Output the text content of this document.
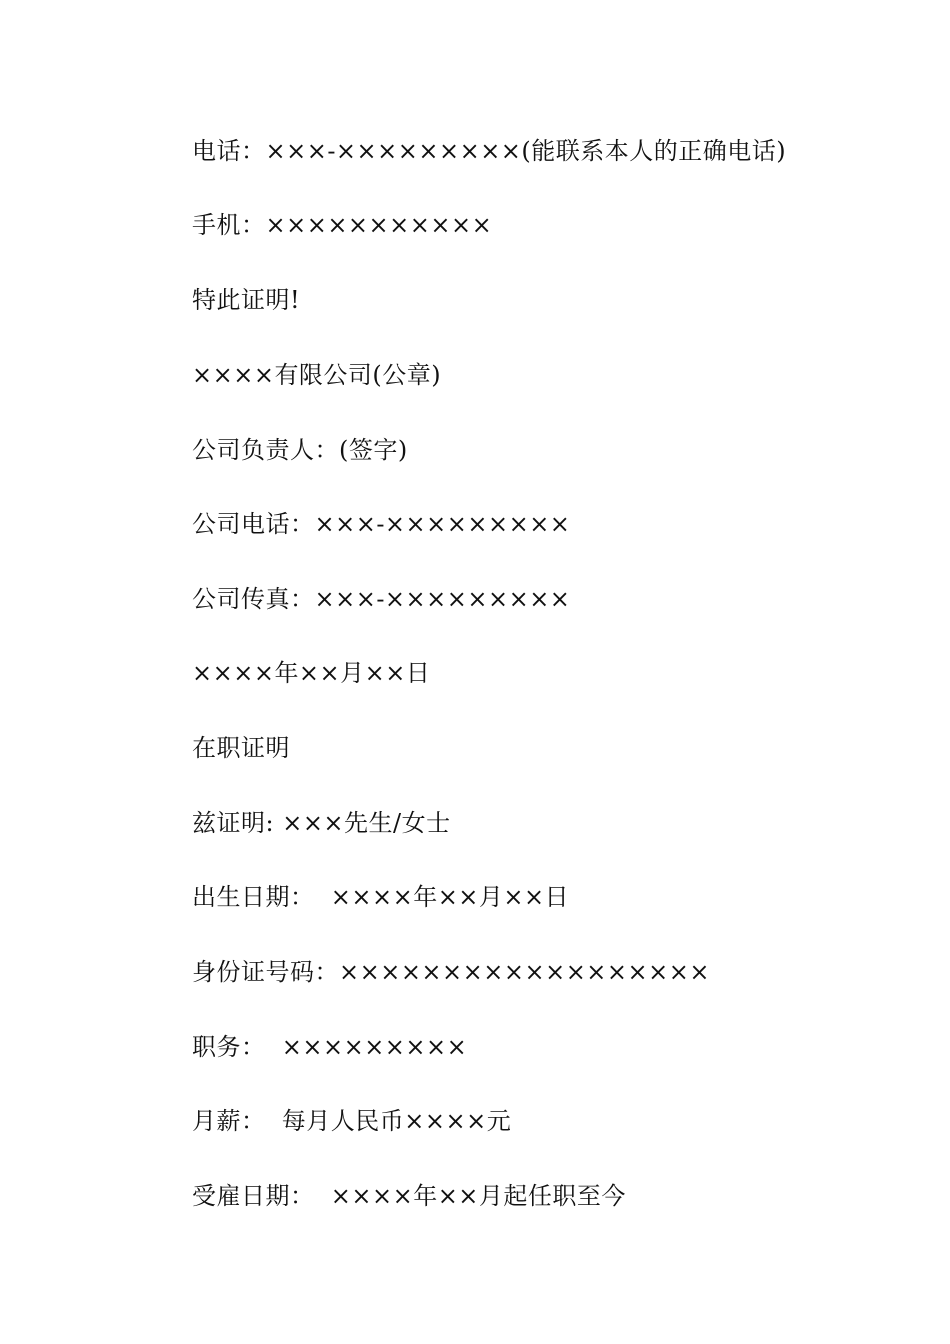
电话：×××-×××××××××(能联系本人的正确电话)
手机：×××××××××××
特此证明!
××××有限公司(公章)
公司负责人：(签字)
公司电话：×××-×××××××××
公司传真：×××-×××××××××
××××年××月××日
在职证明
兹证明: ×××先生/女士
出生日期：  ××××年××月××日
身份证号码：××××××××××××××××××
职务：  ×××××××××
月薪：  每月人民币××××元
受雇日期：  ××××年××月起任职至今
